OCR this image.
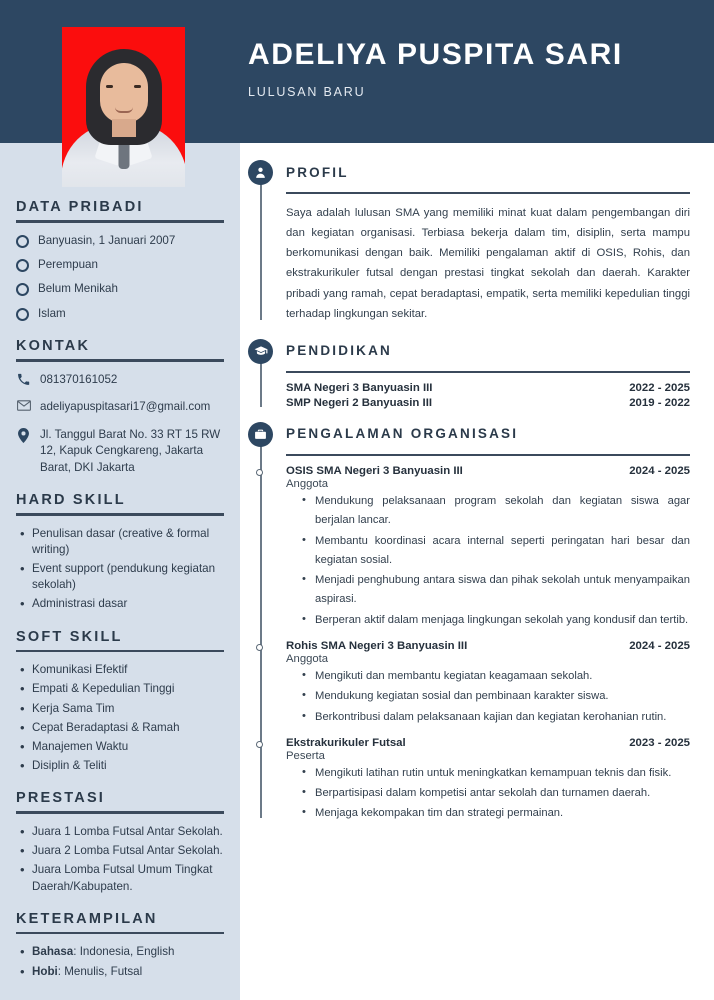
ADELIYA PUSPITA SARI
LULUSAN BARU
DATA PRIBADI
Banyuasin, 1 Januari 2007
Perempuan
Belum Menikah
Islam
KONTAK
081370161052
adeliyapuspitasari17@gmail.com
Jl. Tanggul Barat No. 33 RT 15 RW 12, Kapuk Cengkareng, Jakarta Barat, DKI Jakarta
HARD SKILL
• Penulisan dasar (creative & formal writing)
• Event support (pendukung kegiatan sekolah)
• Administrasi dasar
SOFT SKILL
• Komunikasi Efektif
• Empati & Kepedulian Tinggi
• Kerja Sama Tim
• Cepat Beradaptasi & Ramah
• Manajemen Waktu
• Disiplin & Teliti
PRESTASI
• Juara 1 Lomba Futsal Antar Sekolah.
• Juara 2 Lomba Futsal Antar Sekolah.
• Juara Lomba Futsal Umum Tingkat Daerah/Kabupaten.
KETERAMPILAN
• Bahasa: Indonesia, English
• Hobi: Menulis, Futsal
PROFIL

Saya adalah lulusan SMA yang memiliki minat kuat dalam pengembangan diri dan kegiatan organisasi. Terbiasa bekerja dalam tim, disiplin, serta mampu berkomunikasi dengan baik. Memiliki pengalaman aktif di OSIS, Rohis, dan ekstrakurikuler futsal dengan prestasi tingkat sekolah dan daerah. Karakter pribadi yang ramah, cepat beradaptasi, empatik, serta memiliki kepedulian tinggi terhadap lingkungan sekitar.

PENDIDIKAN
SMA Negeri 3 Banyuasin III	2022 - 2025
SMP Negeri 2 Banyuasin III	2019 - 2022
PENGALAMAN ORGANISASI
OSIS SMA Negeri 3 Banyuasin III	2024 - 2025
Anggota
• Mendukung pelaksanaan program sekolah dan kegiatan siswa agar berjalan lancar.
• Membantu koordinasi acara internal seperti peringatan hari besar dan kegiatan sosial.
• Menjadi penghubung antara siswa dan pihak sekolah untuk menyampaikan aspirasi.
• Berperan aktif dalam menjaga lingkungan sekolah yang kondusif dan tertib.
Rohis SMA Negeri 3 Banyuasin III	2024 - 2025
Anggota
• Mengikuti dan membantu kegiatan keagamaan sekolah.
• Mendukung kegiatan sosial dan pembinaan karakter siswa.
• Berkontribusi dalam pelaksanaan kajian dan kegiatan kerohanian rutin.
Ekstrakurikuler Futsal	2023 - 2025
Peserta
• Mengikuti latihan rutin untuk meningkatkan kemampuan teknis dan fisik.
• Berpartisipasi dalam kompetisi antar sekolah dan turnamen daerah.
• Menjaga kekompakan tim dan strategi permainan.
